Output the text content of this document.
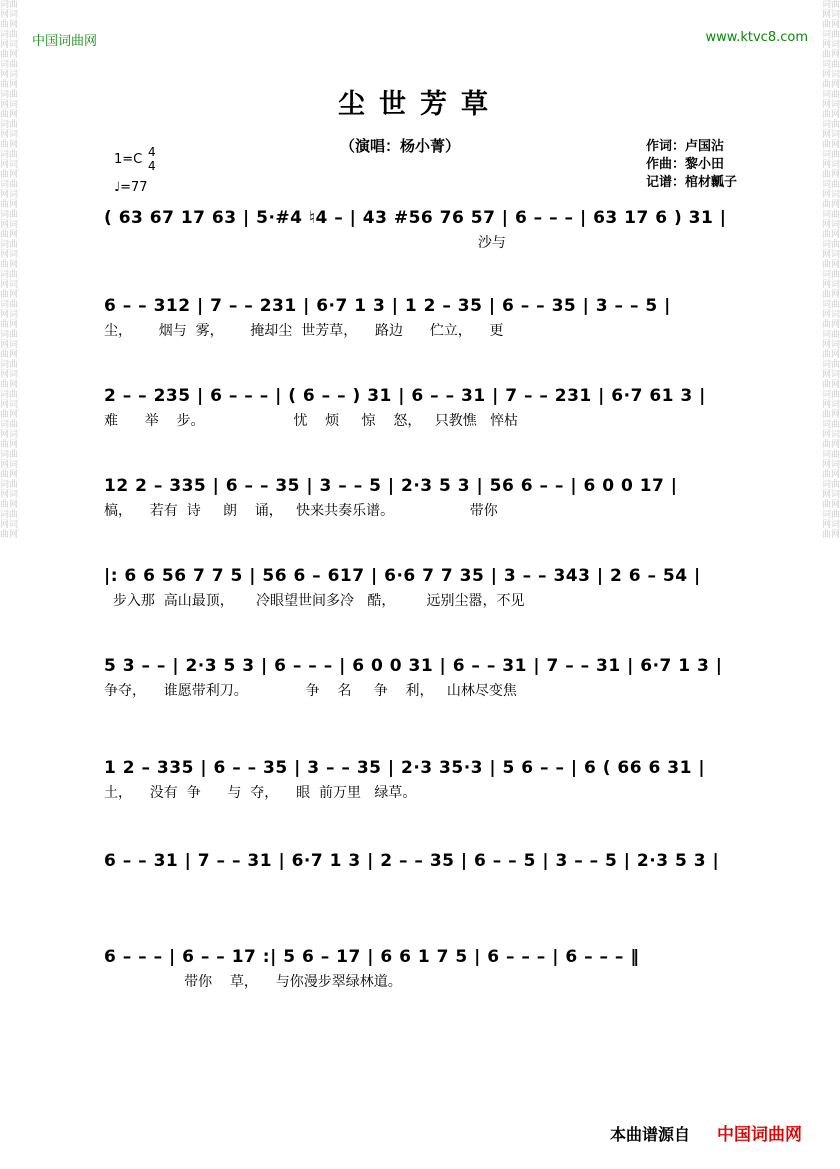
词曲网词曲网词曲网词曲网词曲网词曲网词曲网词曲网词曲网词曲网词曲网词曲网词曲网词曲网词曲网词曲网词曲网词曲网词曲网词曲网词曲网词曲网词曲网词曲网词曲网词曲网词曲网词曲网词曲网词曲网词曲网词曲网词曲网词曲网词曲网词曲网
词曲网词曲网词曲网词曲网词曲网词曲网词曲网词曲网词曲网词曲网词曲网词曲网词曲网词曲网词曲网词曲网词曲网词曲网词曲网词曲网词曲网词曲网词曲网词曲网词曲网词曲网词曲网词曲网词曲网词曲网词曲网词曲网词曲网词曲网词曲网词曲网
中国词曲网	www.ktvc8.com
尘世芳草
（演唱：杨小菁）	作词：卢国沾
作曲：黎小田
记谱：棺材瓤子
1=C 4
4
♩=77
( 63 67 17 63 | 5·#4 ♮4 – | 43 #56 76 57 | 6 – – – | 63 17 6 ) 31 |
沙与
6 – – 312 | 7 – – 231 | 6·7 1 3 | 1 2 – 35 | 6 – – 35 | 3 – – 5 |
尘，      烟与  雾，      掩却尘  世芳草，    路边      伫立，    更
2 – – 235 | 6 – – – | ( 6 – – ) 31 | 6 – – 31 | 7 – – 231 | 6·7 61 3 |
难      举    步。                    忧    烦     惊    怒，   只教憔   悴枯
12 2 – 335 | 6 – – 35 | 3 – – 5 | 2·3 5 3 | 56 6 – – | 6 0 0 17 |
槁，    若有  诗     朗    诵，   快来共奏乐谱。                 带你
|: 6 6 56 7 7 5 | 56 6 – 617 | 6·6 7 7 35 | 3 – – 343 | 2 6 – 54 |
步入那  高山最顶，     冷眼望世间多冷   酷，       远别尘嚣，不见
5 3 – – | 2·3 5 3 | 6 – – – | 6 0 0 31 | 6 – – 31 | 7 – – 31 | 6·7 1 3 |
争夺，    谁愿带利刀。             争    名     争    利，   山林尽变焦
1 2 – 335 | 6 – – 35 | 3 – – 35 | 2·3 35·3 | 5 6 – – | 6 ( 66 6 31 |
土，    没有  争      与  夺，    眼  前万里   绿草。
6 – – 31 | 7 – – 31 | 6·7 1 3 | 2 – – 35 | 6 – – 5 | 3 – – 5 | 2·3 5 3 |
6 – – – | 6 – – 17 :| 5 6 – 17 | 6 6 1 7 5 | 6 – – – | 6 – – – ‖
带你    草，    与你漫步翠绿林道。
本曲谱源自 中国词曲网
